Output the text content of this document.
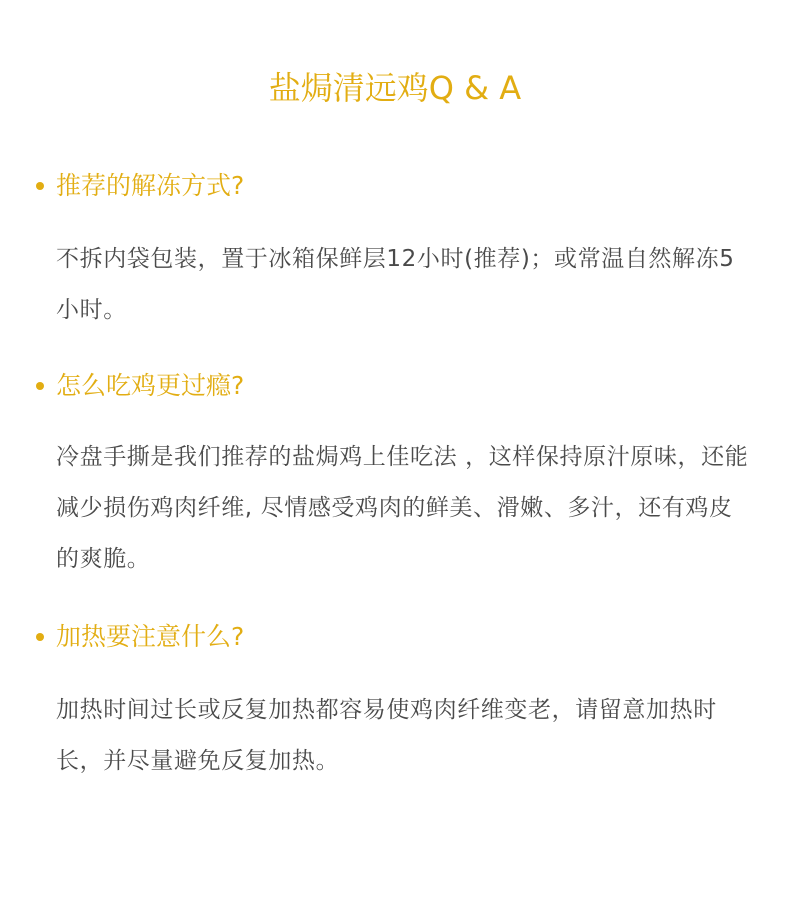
盐焗清远鸡Q & A
推荐的解冻方式?
不拆内袋包装，置于冰箱保鲜层12小时(推荐)；或常温自然解冻5小时。
怎么吃鸡更过瘾?
冷盘手撕是我们推荐的盐焗鸡上佳吃法 ，这样保持原汁原味，还能减少损伤鸡肉纤维, 尽情感受鸡肉的鲜美、滑嫩、多汁，还有鸡皮的爽脆。
加热要注意什么?
加热时间过长或反复加热都容易使鸡肉纤维变老，请留意加热时长，并尽量避免反复加热。
